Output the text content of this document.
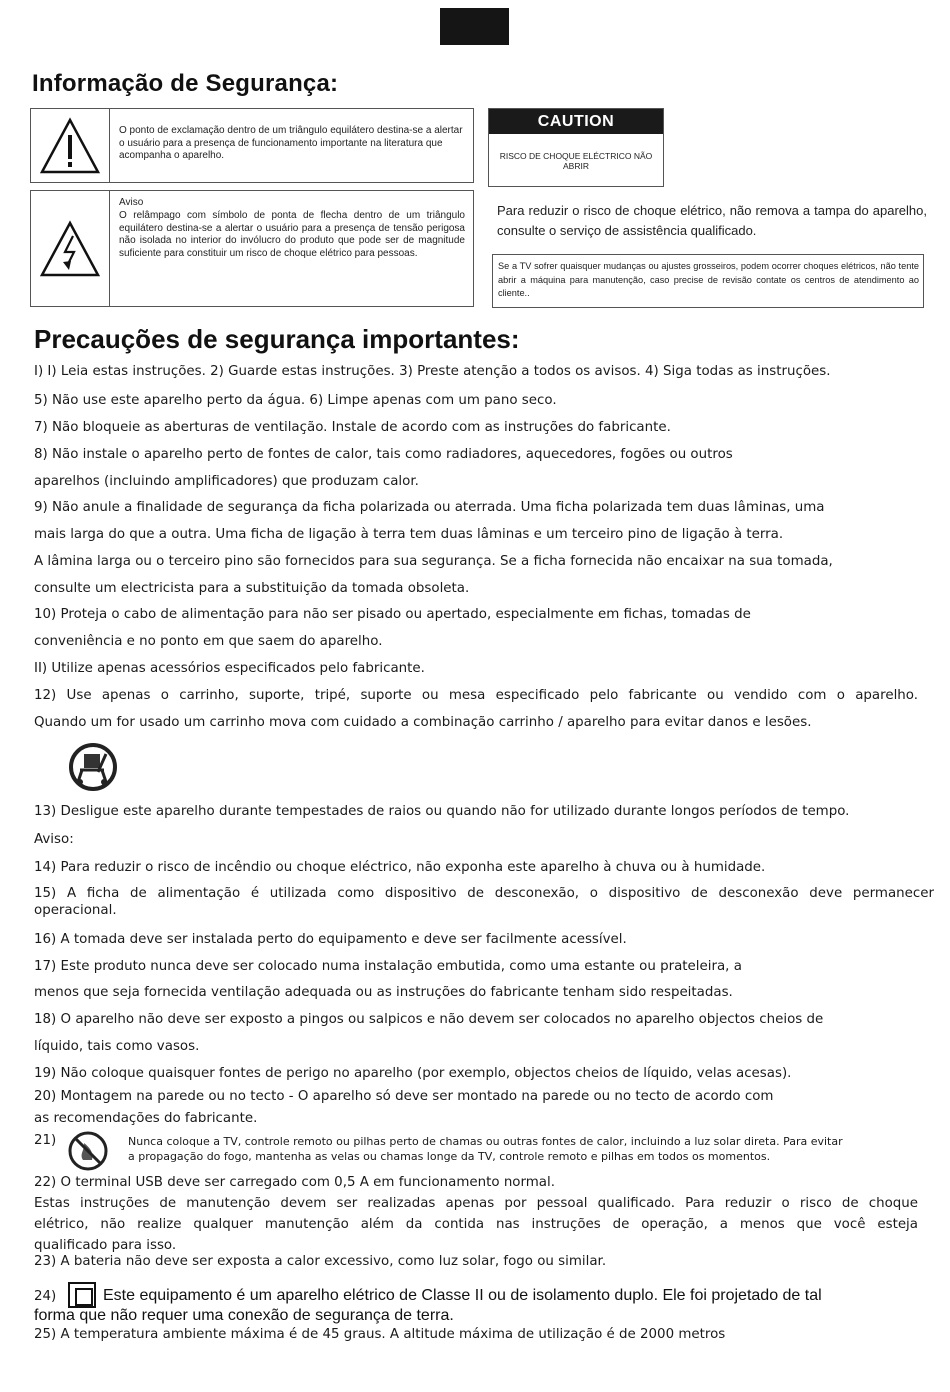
Informação de Segurança:
O ponto de exclamação dentro de um triângulo equilátero destina-se a alertar o usuário para a presença de funcionamento importante na literatura que acompanha o aparelho.
CAUTION
RISCO DE CHOQUE ELÉCTRICO NÃO ABRIR
Aviso
O relâmpago com símbolo de ponta de flecha dentro de um triângulo equilátero destina-se a alertar o usuário para a presença de tensão perigosa não isolada no interior do invólucro do produto que pode ser de magnitude suficiente para constituir um risco de choque elétrico para pessoas.
Para reduzir o risco de choque elétrico, não remova a tampa do aparelho, consulte o serviço de assistência qualificado.
Se a TV sofrer quaisquer mudanças ou ajustes grosseiros, podem ocorrer choques elétricos, não tente abrir a máquina para manutenção, caso precise de revisão contate os centros de atendimento ao cliente..
Precauções de segurança importantes:
I) I) Leia estas instruções. 2) Guarde estas instruções. 3) Preste atenção a todos os avisos. 4) Siga todas as instruções.
5) Não use este aparelho perto da água. 6) Limpe apenas com um pano seco.
7) Não bloqueie as aberturas de ventilação. Instale de acordo com as instruções do fabricante.
8) Não instale o aparelho perto de fontes de calor, tais como radiadores, aquecedores, fogões ou outros
aparelhos (incluindo amplificadores) que produzam calor.
9) Não anule a finalidade de segurança da ficha polarizada ou aterrada. Uma ficha polarizada tem duas lâminas, uma
mais larga do que a outra. Uma ficha de ligação à terra tem duas lâminas e um terceiro pino de ligação à terra.
A lâmina larga ou o terceiro pino são fornecidos para sua segurança. Se a ficha fornecida não encaixar na sua tomada,
consulte um electricista para a substituição da tomada obsoleta.
10) Proteja o cabo de alimentação para não ser pisado ou apertado, especialmente em fichas, tomadas de
conveniência e no ponto em que saem do aparelho.
II) Utilize apenas acessórios especificados pelo fabricante.
12) Use apenas o carrinho, suporte, tripé, suporte ou mesa especificado pelo fabricante ou vendido com o aparelho.
Quando um for usado um carrinho mova com cuidado a combinação carrinho / aparelho para evitar danos e lesões.
13) Desligue este aparelho durante tempestades de raios ou quando não for utilizado durante longos períodos de tempo.
Aviso:
14) Para reduzir o risco de incêndio ou choque eléctrico, não exponha este aparelho à chuva ou à humidade.
15) A ficha de alimentação é utilizada como dispositivo de desconexão, o dispositivo de desconexão deve permanecer
operacional.
16) A tomada deve ser instalada perto do equipamento e deve ser facilmente acessível.
17) Este produto nunca deve ser colocado numa instalação embutida, como uma estante ou prateleira, a
menos que seja fornecida ventilação adequada ou as instruções do fabricante tenham sido respeitadas.
18) O aparelho não deve ser exposto a pingos ou salpicos e não devem ser colocados no aparelho objectos cheios de
líquido, tais como vasos.
19) Não coloque quaisquer fontes de perigo no aparelho (por exemplo, objectos cheios de líquido, velas acesas).
20) Montagem na parede ou no tecto - O aparelho só deve ser montado na parede ou no tecto de acordo com
as recomendações do fabricante.
21)	Nunca coloque a TV, controle remoto ou pilhas perto de chamas ou outras fontes de calor, incluindo a luz solar direta. Para evitar
a propagação do fogo, mantenha as velas ou chamas longe da TV, controle remoto e pilhas em todos os momentos.
22) O terminal USB deve ser carregado com 0,5 A em funcionamento normal.
Estas instruções de manutenção devem ser realizadas apenas por pessoal qualificado. Para reduzir o risco de choque
elétrico, não realize qualquer manutenção além da contida nas instruções de operação, a menos que você esteja
qualificado para isso.
23) A bateria não deve ser exposta a calor excessivo, como luz solar, fogo ou similar.
24)	Este equipamento é um aparelho elétrico de Classe II ou de isolamento duplo. Ele foi projetado de tal
forma que não requer uma conexão de segurança de terra.
25) A temperatura ambiente máxima é de 45 graus. A altitude máxima de utilização é de 2000 metros
